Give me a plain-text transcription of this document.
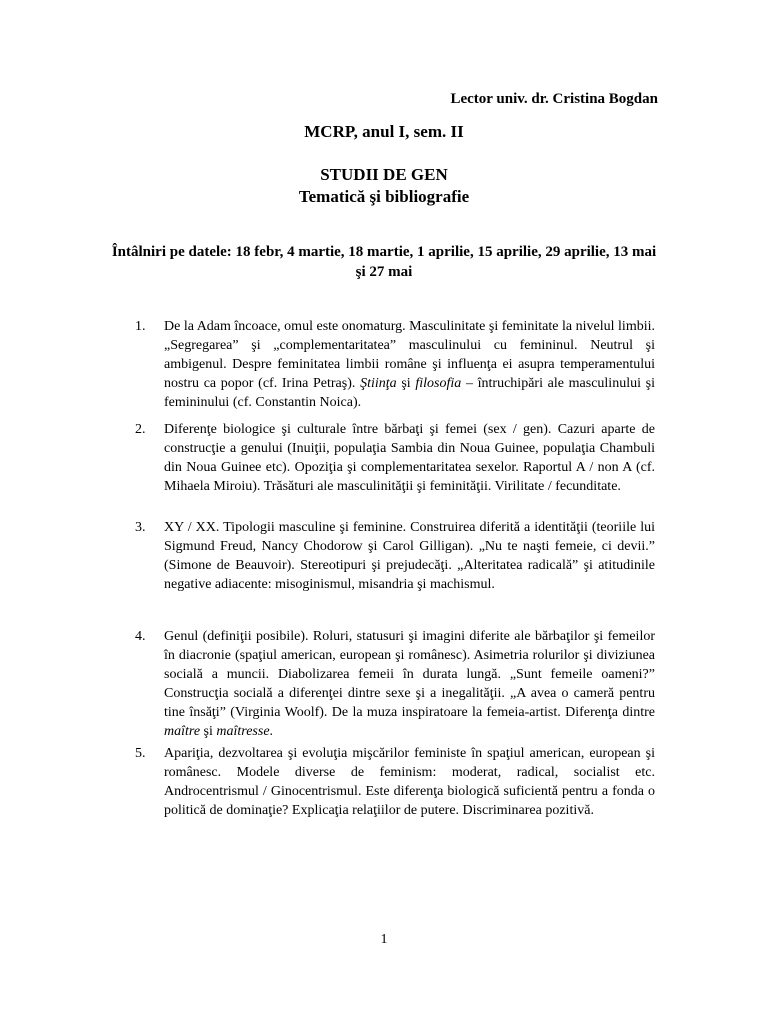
Lector univ. dr. Cristina Bogdan
MCRP, anul I, sem. II
STUDII DE GEN
Tematică şi bibliografie
Întâlniri pe datele: 18 febr, 4 martie, 18 martie, 1 aprilie, 15 aprilie, 29 aprilie, 13 mai şi 27 mai
1. De la Adam încoace, omul este onomaturg. Masculinitate şi feminitate la nivelul limbii. „Segregarea” şi „complementaritatea” masculinului cu femininul. Neutrul şi ambigenul. Despre feminitatea limbii române şi influenţa ei asupra temperamentului nostru ca popor (cf. Irina Petraş). Ştiinţa şi filosofia – întruchipări ale masculinului şi femininului (cf. Constantin Noica).
2. Diferenţe biologice şi culturale între bărbaţi şi femei (sex / gen). Cazuri aparte de construcţie a genului (Inuiţii, populaţia Sambia din Noua Guinee, populaţia Chambuli din Noua Guinee etc). Opoziţia şi complementaritatea sexelor. Raportul A / non A (cf. Mihaela Miroiu). Trăsături ale masculinităţii şi feminităţii. Virilitate / fecunditate.
3. XY / XX. Tipologii masculine şi feminine. Construirea diferită a identităţii (teoriile lui Sigmund Freud, Nancy Chodorow şi Carol Gilligan). „Nu te naşti femeie, ci devii.” (Simone de Beauvoir). Stereotipuri şi prejudecăţi. „Alteritatea radicală” şi atitudinile negative adiacente: misoginismul, misandria şi machismul.
4. Genul (definiţii posibile). Roluri, statusuri şi imagini diferite ale bărbaţilor şi femeilor în diacronie (spaţiul american, european şi românesc). Asimetria rolurilor şi diviziunea socială a muncii. Diabolizarea femeii în durata lungă. „Sunt femeile oameni?” Construcţia socială a diferenţei dintre sexe şi a inegalităţii. „A avea o cameră pentru tine însăţi” (Virginia Woolf). De la muza inspiratoare la femeia-artist. Diferenţa dintre maître şi maîtresse.
5. Apariţia, dezvoltarea şi evoluţia mişcărilor feministe în spaţiul american, european şi românesc. Modele diverse de feminism: moderat, radical, socialist etc. Androcentrismul / Ginocentrismul. Este diferenţa biologică suficientă pentru a fonda o politică de dominaţie? Explicaţia relaţiilor de putere. Discriminarea pozitivă.
1
